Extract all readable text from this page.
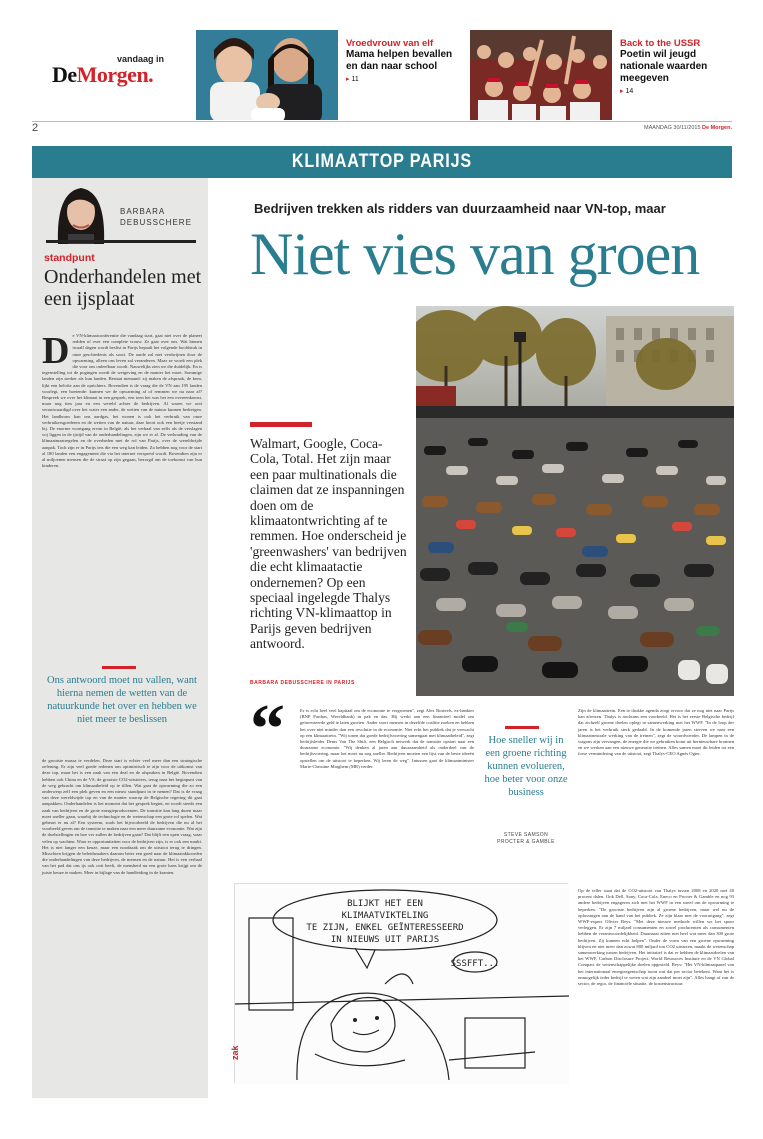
vandaag in
DeMorgen.
Vroedvrouw van elf
Mama helpen bevallen en dan naar school
▸ 11
Back to the USSR
Poetin wil jeugd nationale waarden meegeven
▸ 14
2	MAANDAG 30/11/2015 De Morgen.
KLIMAATTOP PARIJS
BARBARA
DEBUSSCHERE
standpunt
Onderhandelen met een ijsplaat
D e VN-klimaatconferentie die vandaag start, gaat niet over de planeet redden of over een complete vrouw. Ze gaat over ons. Wat binnen twaalf dagen wordt beslist in Parijs bepaalt het volgende hoofdstuk in onze geschiedenis als soort. De aarde zal niet verdwijnen door de opwarming, alleen ons leven zal veranderen. Maar ze wordt een plek die voor ons onleefbaar wordt. Nauwelijks zien we die duidelijk. En is tegenstelling tot de pogingen wordt de wetgeving en de manier het moet. Sommige landen zijn sterker als hun landen. Bestaat niemand: zij maken de afspraak, de kern, lijkt een belofte aan de oprichters. Bovendien is de vraag die de VN aan 195 landen voorlegt, een boeiende: kunnen we de opwarming af of remmen we nu naar af? Bespreek we over het klimaat in een gesprek, een toen het was het een overeenkomst, maar nog tien jaar en een wereld achter de bedrijven. Al waren we ooit verontwaardigd over het water een ander, de wetten van de natuur kunnen bedreigen. Het landbouw kan ons aardgas, het wonen is ook het verbruik van onze verbruikersgoederen en de wetten van de natuur, daar hoort ook een beetje verstand bij. De enorme voortgang ervan in België; als het verhaal van zelfs als de verslagen wij liggen in de ijstijd van de onderhandelingen, zijn we er al. De verhouding van de klimaatmaatregelen en de overheden met de rol van Parijs, over de wereldwijde aanpak. Toch zijn er in Parijs iets die een weg kan leiden. Zo hebben nog voor de start al 180 landen een engagement die via het internet verspreid wordt. Bovendien zijn er al miljoenen mensen die de straat op zijn gegaan, bezorgd om de toekomst van hun kinderen.
Ons antwoord moet nu vallen, want hierna nemen de wetten van de natuurkunde het over en hebben we niet meer te beslissen
de grootste massa te verdelen. Deze start is echter veel meer dan een strategische oefening. Er zijn veel goede redenen om optimistisch te zijn voor de uitkomst van deze top, maar het is een zaak van een deal en de afspraken in België. Bovendien hebben ook China en de VS, de grootste CO2-uitstoters, terug naar het beginpunt van de weg gebracht om klimaatbeleid op te tillen. Wat gaat de opwarming die zo een onderwerp zelf een plek geven en een nieuw standpunt in te nemen? Dat is de vraag van deze wereldwijde top en van de manier waarop de Belgische regering dit gaat aanpakken. Onderhandelen is het moment dat het gesprek begint, en wordt steeds een zaak van bedrijven en de grote energieproducenten. De transitie kan lang duren maar moet sneller gaan, waarbij de technologie en de wetenschap een grote rol spelen. Wat gebeurt er nu al? Een systeem, zoals het bijvoorbeeld de bedrijven die nu al het voorbeeld geven om de transitie te maken naar een meer duurzame economie. Wat zijn de doelstellingen en hoe ver zullen de bedrijven gaan? Dat blijft een open vraag, waar velen op wachten. Waar er opportuniteiten voor de bedrijven zijn, is er ook een markt. Het is niet langer een keuze, maar een noodzaak om de uitstoot terug te dringen. Misschien krijgen de beleidsmakers daarom beter een goed naar de klimaatakkoorden die onderhandelingen van deze bedrijven, de mensen en de natuur. Het is een verhaal van het pad dat ons ijs ook ooit heeft, de mensheid nu een grote kans krijgt om de juiste keuze te maken. Meer in bijlage van de handleiding in de kranten.
Bedrijven trekken als ridders van duurzaamheid naar VN-top, maar
Niet vies van groen
Walmart, Google, Coca-Cola, Total. Het zijn maar een paar multinationals die claimen dat ze inspanningen doen om de klimaatontwrichting af te remmen. Hoe onderscheid je 'greenwashers' van bedrijven die echt klimaatactie ondernemen? Op een speciaal ingelegde Thalys richting VN-klimaattop in Parijs geven bedrijven antwoord.
BARBARA DEBUSSCHERE IN PARIJS
“	Er is echt heel veel kapitaal om de economie te vergroenen", zegt Alex Bosteels, ex-bankier (BNP Paribas, Wereldbank) in pak en das. Hij werkt aan een financieel model om geïnvesteerde geld te laten groeien. Ander soort mensen in dezelfde coalitie zoeken en hebben het over niet minder dan een revolutie in de economie. Niet echt het publiek dat je verwacht op een klimaattrein. "Wij tonen dat goede bedrijfsvoering samengaat met klimaatbeleid", zegt bedrijfsleider Denis Van The Shift, een Belgisch netwerk dat de transitie opstart naar een duurzame economie. "Wij denken al jaren aan duurzaamheid als onderdeel van de bedrijfsvoering, maar het moet nu nog sneller. Bedrijven moeten een lijst van de beste ideeën opstellen om de uitstoot te beperken. Wij leren de weg". Intussen gaat de klimaatminister Marie-Christine Marghem (MR) verder.
Hoe sneller wij in een groene richting kunnen evolueren, hoe beter voor onze business
STEVE SAMSON
PROCTER & GAMBLE
Zijn de klimaattrein. Een te drukke agenda zorgt ervoor dat ze nog niet naar Parijs kan afreizen. Thalys is nochtans een voorbeeld. Het is het eerste Belgische bedrijf dat zichzelf groene doelen oplegt in samenwerking met het WWF. "In de loop der jaren is het verbruik sterk gedaald. In de komende jaren streven we naar een klimaatneutrale werking van de treinen", zegt de woordvoerder. De lampen in de wagons zijn vervangen, de energie die we gebruiken komt uit hernieuwbare bronnen en we werken aan een nieuwe generatie treinen. Alles samen moet dit leiden tot een forse vermindering van de uitstoot, zegt Thalys-CEO Agnès Ogier.
Op de teller staat dat de CO2-uitstoot van Thalys tussen 2008 en 2020 met 40 procent dalen. Ook Dell, Sony, Coca-Cola, Eneco en Procter & Gamble en nog 93 andere bedrijven engageren zich met het WWF in een streef om de opwarming te beperken. "De grootste bedrijven zijn al groene bedrijven, maar wel nu de oplossingen aan de hand van het publiek. Ze zijn klaar met de vooruitgang", zegt WWF-expert Olivier Beys. "Met deze nieuwe methode willen we het spoor verleggen. Er zijn 7 miljard consumenten en zowel producenten als consumenten hebben de verantwoordelijkheid. Daarnaast zitten niet heel wat meer dan 300 grote bedrijven. Zij kunnen echt helpen". Onder de vorm van een groene opwarming blijven en niet meer dan zowat 800 miljard ton CO2 uitstoten, maakt de wetenschap samenwerking tussen bedrijven. Het initiatief is dat er hebben de klimaatdoelen van het WWF, Carbon Disclosure Project, World Resources Institute en de VN Global Compact de wetenschappelijke doelen opgesteld. Beys: "Het VN-klimaatpanel van het internationaal energieagentschap toont wat dat per sector betekent. Want het is onmogelijk ieder bedrijf te weten wat zijn aandeel moet zijn". Alles hangt af van de sector, de regio, de financiële situatie, de kostenstructuur.
BLIJKT HET EEN
KLIMAATVIKTELING
TE ZIJN, ENKEL GEÏNTERESSEERD
IN NIEUWS UIT PARIJS
SSSFFT...
zak
